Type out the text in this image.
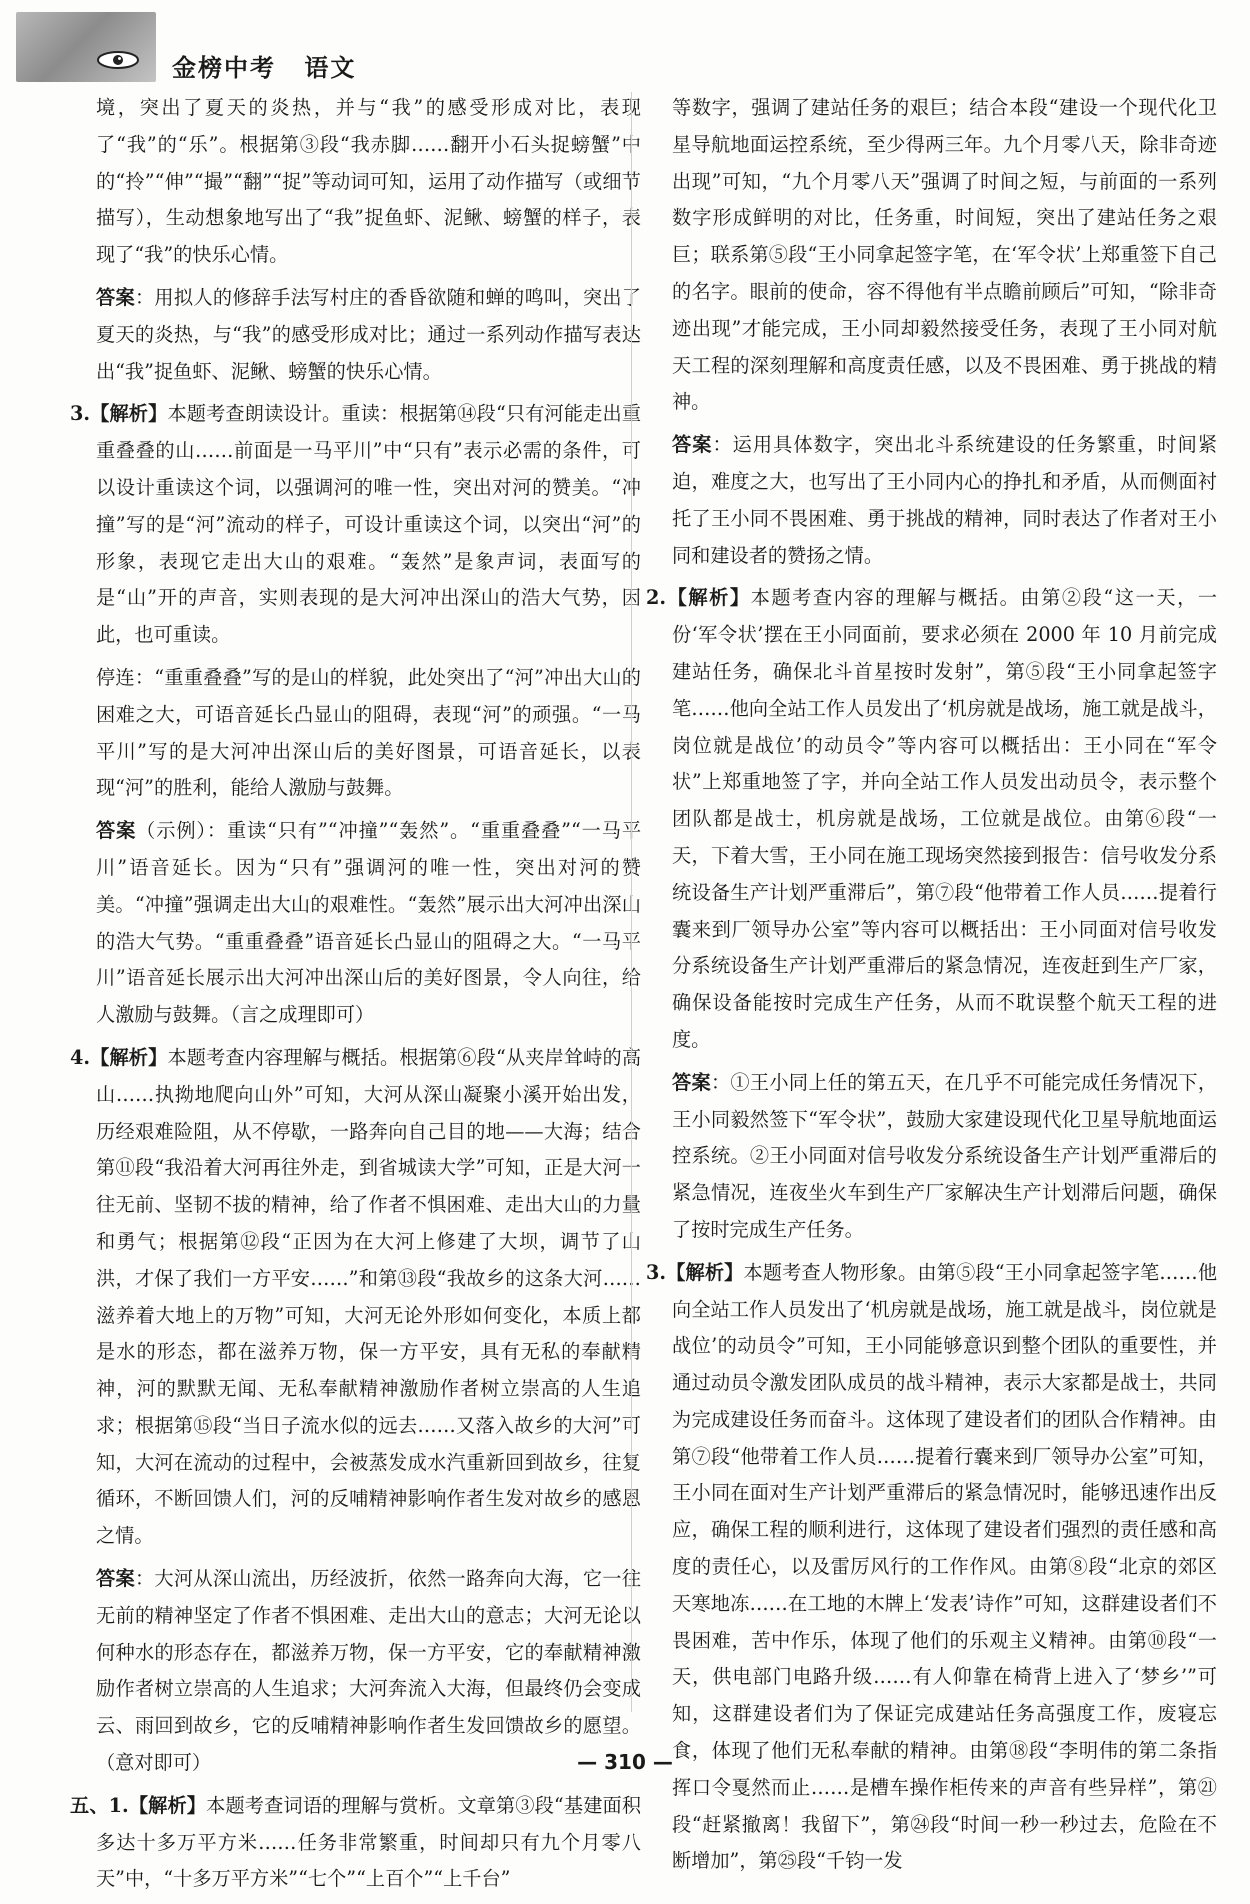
金榜中考 语文

境，突出了夏天的炎热，并与“我”的感受形成对比，表现了“我”的“乐”。根据第③段“我赤脚……翻开小石头捉螃蟹”中的“拎”“伸”“撮”“翻”“捉”等动词可知，运用了动作描写（或细节描写），生动想象地写出了“我”捉鱼虾、泥鳅、螃蟹的样子，表现了“我”的快乐心情。

答案：用拟人的修辞手法写村庄的香昏欲随和蝉的鸣叫，突出了夏天的炎热，与“我”的感受形成对比；通过一系列动作描写表达出“我”捉鱼虾、泥鳅、螃蟹的快乐心情。

3.【解析】本题考查朗读设计。重读：根据第⑭段“只有河能走出重重叠叠的山……前面是一马平川”中“只有”表示必需的条件，可以设计重读这个词，以强调河的唯一性，突出对河的赞美。“冲撞”写的是“河”流动的样子，可设计重读这个词，以突出“河”的形象，表现它走出大山的艰难。“轰然”是象声词，表面写的是“山”开的声音，实则表现的是大河冲出深山的浩大气势，因此，也可重读。

停连：“重重叠叠”写的是山的样貌，此处突出了“河”冲出大山的困难之大，可语音延长凸显山的阻碍，表现“河”的顽强。“一马平川”写的是大河冲出深山后的美好图景，可语音延长，以表现“河”的胜利，能给人激励与鼓舞。

答案（示例）：重读“只有”“冲撞”“轰然”。“重重叠叠”“一马平川”语音延长。因为“只有”强调河的唯一性，突出对河的赞美。“冲撞”强调走出大山的艰难性。“轰然”展示出大河冲出深山的浩大气势。“重重叠叠”语音延长凸显山的阻碍之大。“一马平川”语音延长展示出大河冲出深山后的美好图景，令人向往，给人激励与鼓舞。（言之成理即可）

4.【解析】本题考查内容理解与概括。根据第⑥段“从夹岸耸峙的高山……执拗地爬向山外”可知，大河从深山凝聚小溪开始出发，历经艰难险阻，从不停歇，一路奔向自己目的地——大海；结合第⑪段“我沿着大河再往外走，到省城读大学”可知，正是大河一往无前、坚韧不拔的精神，给了作者不惧困难、走出大山的力量和勇气；根据第⑫段“正因为在大河上修建了大坝，调节了山洪，才保了我们一方平安……”和第⑬段“我故乡的这条大河……滋养着大地上的万物”可知，大河无论外形如何变化，本质上都是水的形态，都在滋养万物，保一方平安，具有无私的奉献精神，河的默默无闻、无私奉献精神激励作者树立崇高的人生追求；根据第⑮段“当日子流水似的远去……又落入故乡的大河”可知，大河在流动的过程中，会被蒸发成水汽重新回到故乡，往复循环，不断回馈人们，河的反哺精神影响作者生发对故乡的感恩之情。

答案：大河从深山流出，历经波折，依然一路奔向大海，它一往无前的精神坚定了作者不惧困难、走出大山的意志；大河无论以何种水的形态存在，都滋养万物，保一方平安，它的奉献精神激励作者树立崇高的人生追求；大河奔流入大海，但最终仍会变成云、雨回到故乡，它的反哺精神影响作者生发回馈故乡的愿望。（意对即可）

五、1.【解析】本题考查词语的理解与赏析。文章第③段“基建面积多达十多万平方米……任务非常繁重，时间却只有九个月零八天”中，“十多万平方米”“七个”“上百个”“上千台”

等数字，强调了建站任务的艰巨；结合本段“建设一个现代化卫星导航地面运控系统，至少得两三年。九个月零八天，除非奇迹出现”可知，“九个月零八天”强调了时间之短，与前面的一系列数字形成鲜明的对比，任务重，时间短，突出了建站任务之艰巨；联系第⑤段“王小同拿起签字笔，在‘军令状’上郑重签下自己的名字。眼前的使命，容不得他有半点瞻前顾后”可知，“除非奇迹出现”才能完成，王小同却毅然接受任务，表现了王小同对航天工程的深刻理解和高度责任感，以及不畏困难、勇于挑战的精神。

答案：运用具体数字，突出北斗系统建设的任务繁重，时间紧迫，难度之大，也写出了王小同内心的挣扎和矛盾，从而侧面衬托了王小同不畏困难、勇于挑战的精神，同时表达了作者对王小同和建设者的赞扬之情。

2.【解析】本题考查内容的理解与概括。由第②段“这一天，一份‘军令状’摆在王小同面前，要求必须在 2000 年 10 月前完成建站任务，确保北斗首星按时发射”，第⑤段“王小同拿起签字笔……他向全站工作人员发出了‘机房就是战场，施工就是战斗，岗位就是战位’的动员令”等内容可以概括出：王小同在“军令状”上郑重地签了字，并向全站工作人员发出动员令，表示整个团队都是战士，机房就是战场，工位就是战位。由第⑥段“一天，下着大雪，王小同在施工现场突然接到报告：信号收发分系统设备生产计划严重滞后”，第⑦段“他带着工作人员……提着行囊来到厂领导办公室”等内容可以概括出：王小同面对信号收发分系统设备生产计划严重滞后的紧急情况，连夜赶到生产厂家，确保设备能按时完成生产任务，从而不耽误整个航天工程的进度。

答案：①王小同上任的第五天，在几乎不可能完成任务情况下，王小同毅然签下“军令状”，鼓励大家建设现代化卫星导航地面运控系统。②王小同面对信号收发分系统设备生产计划严重滞后的紧急情况，连夜坐火车到生产厂家解决生产计划滞后问题，确保了按时完成生产任务。

3.【解析】本题考查人物形象。由第⑤段“王小同拿起签字笔……他向全站工作人员发出了‘机房就是战场，施工就是战斗，岗位就是战位’的动员令”可知，王小同能够意识到整个团队的重要性，并通过动员令激发团队成员的战斗精神，表示大家都是战士，共同为完成建设任务而奋斗。这体现了建设者们的团队合作精神。由第⑦段“他带着工作人员……提着行囊来到厂领导办公室”可知，王小同在面对生产计划严重滞后的紧急情况时，能够迅速作出反应，确保工程的顺利进行，这体现了建设者们强烈的责任感和高度的责任心，以及雷厉风行的工作作风。由第⑧段“北京的郊区天寒地冻……在工地的木牌上‘发表’诗作”可知，这群建设者们不畏困难，苦中作乐，体现了他们的乐观主义精神。由第⑩段“一天，供电部门电路升级……有人仰靠在椅背上进入了‘梦乡’”可知，这群建设者们为了保证完成建站任务高强度工作，废寝忘食，体现了他们无私奉献的精神。由第⑱段“李明伟的第二条指挥口令戛然而止……是槽车操作柜传来的声音有些异样”，第㉑段“赶紧撤离！我留下”，第㉔段“时间一秒一秒过去，危险在不断增加”，第㉕段“千钧一发

— 310 —
